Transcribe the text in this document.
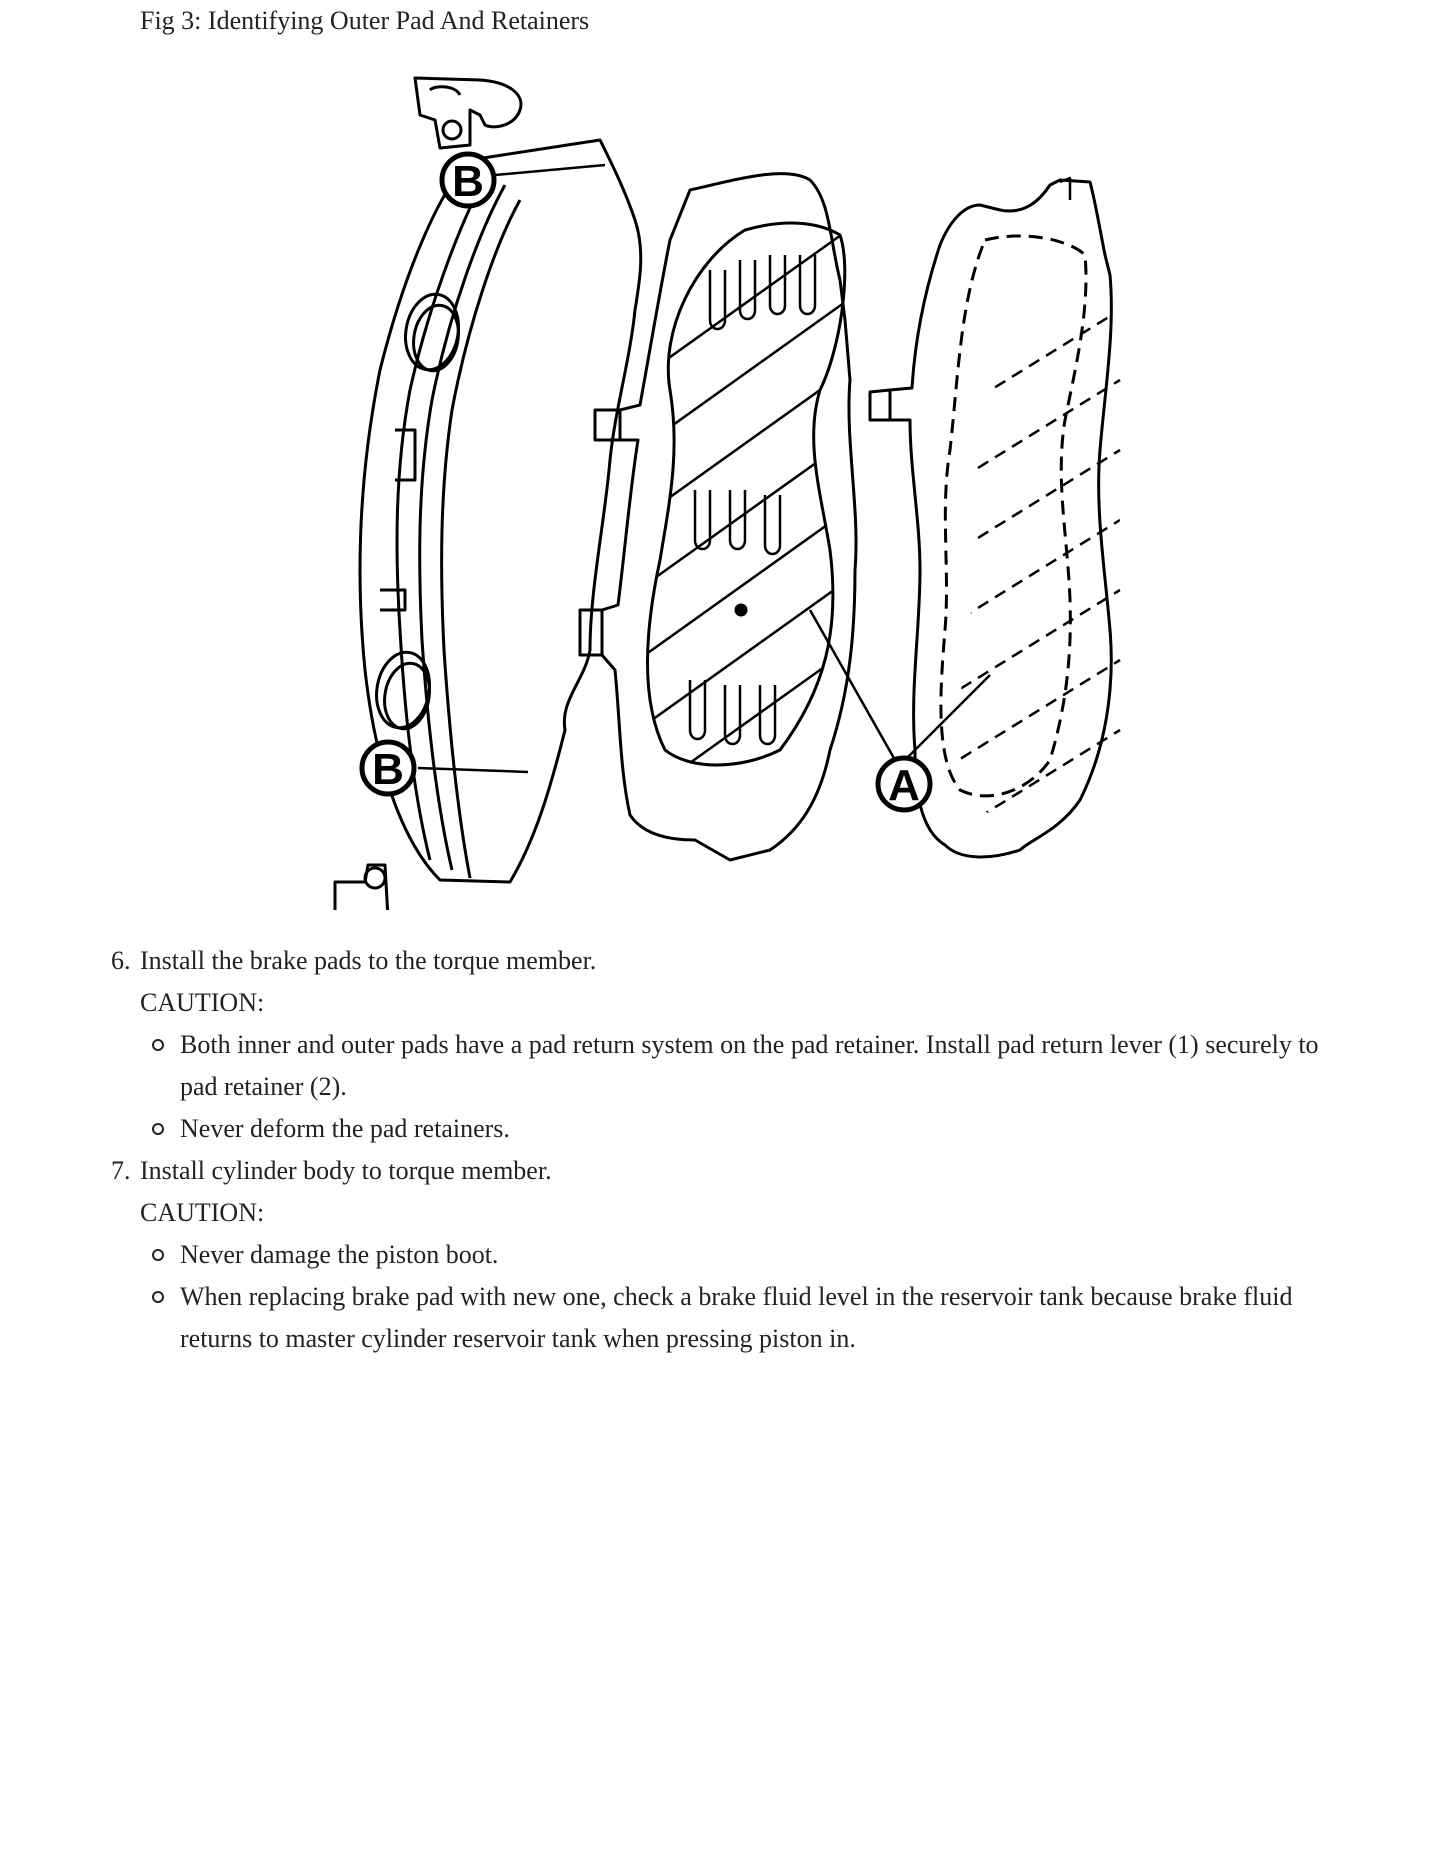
Fig 3: Identifying Outer Pad And Retainers
B
B	A
6. Install the brake pads to the torque member.
CAUTION:
Both inner and outer pads have a pad return system on the pad retainer. Install pad return lever (1) securely to pad retainer (2).
Never deform the pad retainers.
7. Install cylinder body to torque member.
CAUTION:
Never damage the piston boot.
When replacing brake pad with new one, check a brake fluid level in the reservoir tank because brake fluid returns to master cylinder reservoir tank when pressing piston in.
